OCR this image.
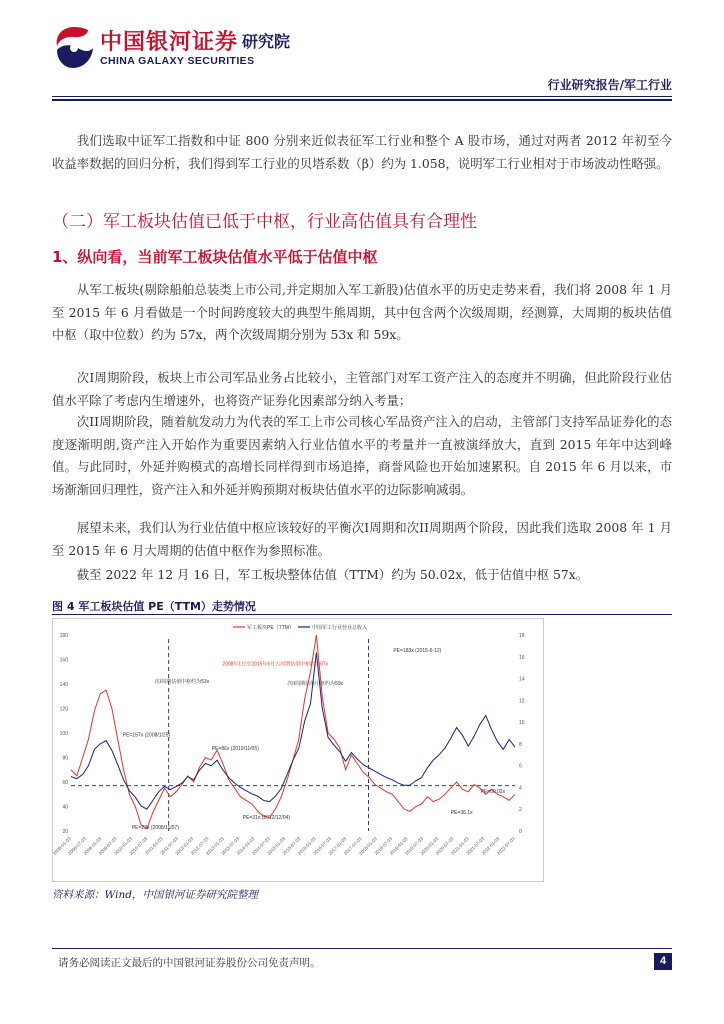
中国银河证券 研究院
CHINA GALAXY SECURITIES
行业研究报告/军工行业

我们选取中证军工指数和中证 800 分别来近似表征军工行业和整个 A 股市场，通过对两者 2012 年初至今收益率数据的回归分析，我们得到军工行业的贝塔系数（β）约为 1.058，说明军工行业相对于市场波动性略强。

（二）军工板块估值已低于中枢，行业高估值具有合理性
1、纵向看，当前军工板块估值水平低于估值中枢

从军工板块(剔除船舶总装类上市公司,并定期加入军工新股)估值水平的历史走势来看，我们将 2008 年 1 月至 2015 年 6 月看做是一个时间跨度较大的典型牛熊周期，其中包含两个次级周期，经测算，大周期的板块估值中枢（取中位数）约为 57x，两个次级周期分别为 53x 和 59x。

次I周期阶段，板块上市公司军品业务占比较小，主管部门对军工资产注入的态度并不明确，但此阶段行业估值水平除了考虑内生增速外，也将资产证券化因素部分纳入考量；

次II周期阶段，随着航发动力为代表的军工上市公司核心军品资产注入的启动，主管部门支持军品证券化的态度逐渐明朗,资产注入开始作为重要因素纳入行业估值水平的考量并一直被演绎放大，直到 2015 年年中达到峰值。与此同时，外延并购模式的高增长同样得到市场追捧，商誉风险也开始加速累积。自 2015 年 6 月以来，市场渐渐回归理性，资产注入和外延并购预期对板块估值水平的边际影响减弱。

展望未来，我们认为行业估值中枢应该较好的平衡次I周期和次II周期两个阶段，因此我们选取 2008 年 1 月至 2015 年 6 月大周期的估值中枢作为参照标准。

截至 2022 年 12 月 16 日，军工板块整体估值（TTM）约为 50.02x，低于估值中枢 57x。

图 4 军工板块估值 PE（TTM）走势情况
20
40
60
80
100
120
140
160
180
0
2
4
6
8
10
12
14
16
18
2008-01-03
2008-07-03
2009-01-03
2009-07-03
2010-01-03
2010-07-03
2011-01-03
2011-07-03
2012-01-03
2012-07-03
2013-01-03
2013-07-03
2014-01-03
2014-07-03
2015-01-03
2015-07-03
2016-01-03
2016-07-03
2017-01-03
2017-07-03
2018-01-03
2018-07-03
2019-01-03
2019-07-03
2020-01-03
2020-07-03
2021-01-03
2021-07-03
2022-01-03
2022-07-03
军工板块PE（TTM）	中国军工行业营业总收入
PE=157x (2008/1/25)
2008年1月至2015年6月大周期估值中枢约为57x
PE=183x (2015-6-12)
次I周期估值中枢约为53x	次II周期估值中枢约为59x
PE=86x (2010/11/05)
PE=22x (2008/11/07)
PE=31x (2012/12/04)
PE=36.1x
PE=50.02x
资料来源：Wind，中国银河证券研究院整理
请务必阅读正文最后的中国银河证券股份公司免责声明。	4
